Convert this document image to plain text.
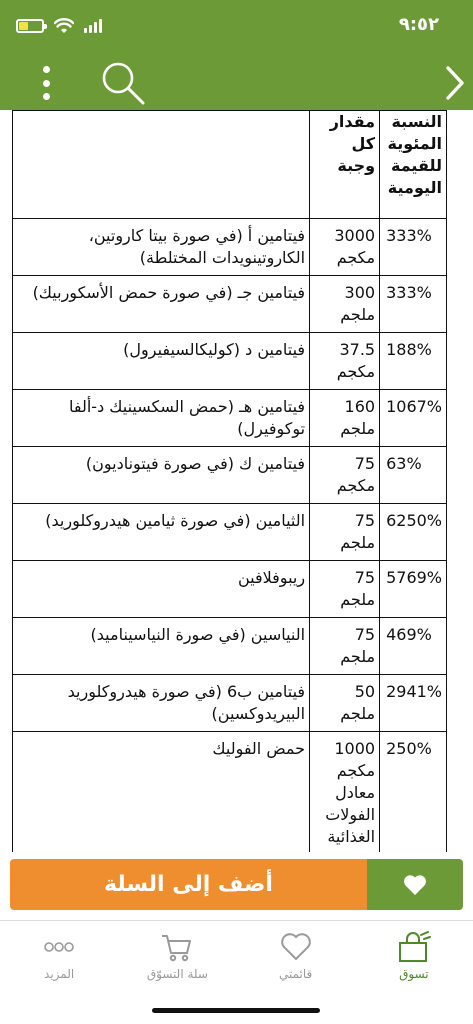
٩:٥٢
النسبة المئوية للقيمة اليومية	مقدار كل وجبة	
333%	3000 مكجم	فيتامين أ (في صورة بيتا كاروتين، الكاروتينويدات المختلطة)
333%	300 ملجم	فيتامين جـ (في صورة حمض الأسكوربيك)
188%	37.5 مكجم	فيتامين د (كوليكالسيفيرول)
1067%	160 ملجم	فيتامين هـ (حمض السكسينيك د-ألفا توكوفيرل)
63%	75 مكجم	فيتامين ك (في صورة فيتوناديون)
6250%	75 ملجم	الثيامين (في صورة ثيامين هيدروكلوريد)
5769%	75 ملجم	ريبوفلافين
469%	75 ملجم	النياسين (في صورة النياسيناميد)
2941%	50 ملجم	فيتامين ب6 (في صورة هيدروكلوريد البيريدوكسين)
250%	1000 مكجم معادل الفولات الغذائية	حمض الفوليك
أضف إلى السلة
تسوق
قائمتي
سلة التسوّق
المزيد
